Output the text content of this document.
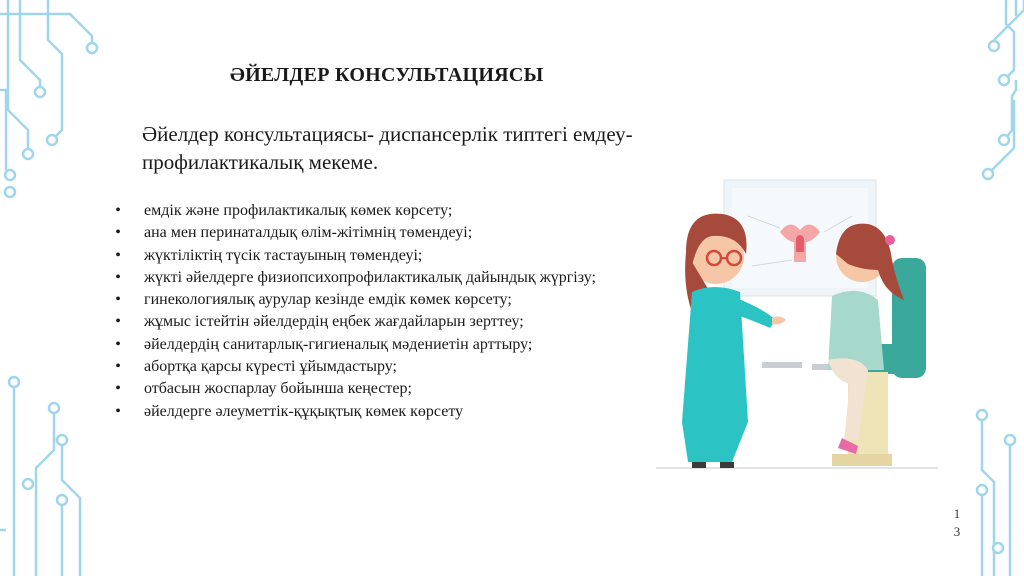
ӘЙЕЛДЕР КОНСУЛЬТАЦИЯСЫ
Әйелдер консультациясы- диспансерлік типтегі емдеу-профилактикалық мекеме.
•	емдік және профилактикалық көмек көрсету;
•	ана мен перинаталдық өлім-жітімнің төмендеуі;
•	жүктіліктің түсік тастауының төмендеуі;
•	жүкті әйелдерге физиопсихопрофилактикалық дайындық жүргізу;
•	гинекологиялық аурулар кезінде емдік көмек көрсету;
•	жұмыс істейтін әйелдердің еңбек жағдайларын зерттеу;
•	әйелдердің санитарлық-гигиеналық мәдениетін арттыру;
•	абортқа қарсы күресті ұйымдастыру;
•	отбасын жоспарлау бойынша кеңестер;
•	әйелдерге әлеуметтік-құқықтық көмек көрсету
1
3
